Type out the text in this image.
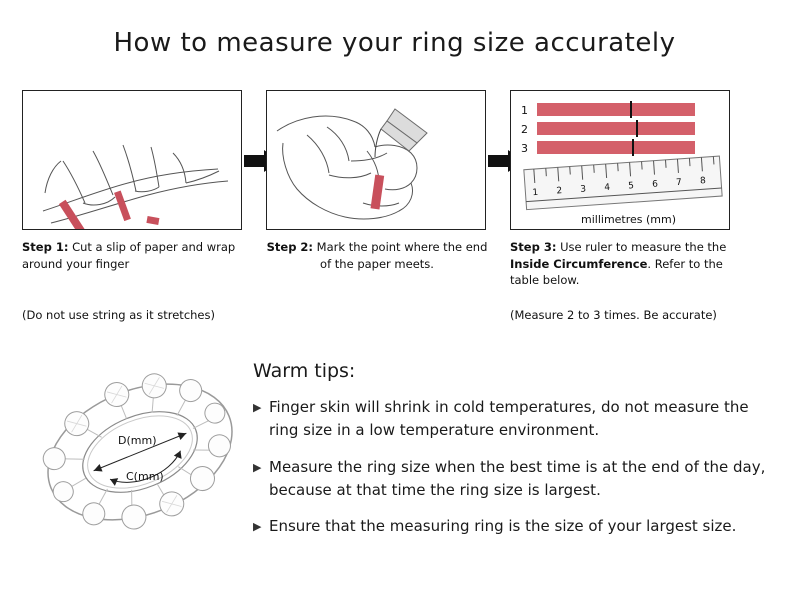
How to measure your ring size accurately
Step 1: Cut a slip of paper and wrap around your finger
Step 2: Mark the point where the end of the paper meets.
1
2
3
1 2 3 4 5 6 7 8
millimetres (mm)
Step 3: Use ruler to measure the the Inside Circumference. Refer to the table below.
(Do not use string as it stretches)	(Measure 2 to 3 times. Be accurate)
D(mm)
C(mm)
Warm tips:
▶ Finger skin will shrink in cold temperatures, do not measure the ring size in a low temperature environment.
▶ Measure the ring size when the best time is at the end of the day, because at that time the ring size is largest.
▶ Ensure that the measuring ring is the size of your largest size.
